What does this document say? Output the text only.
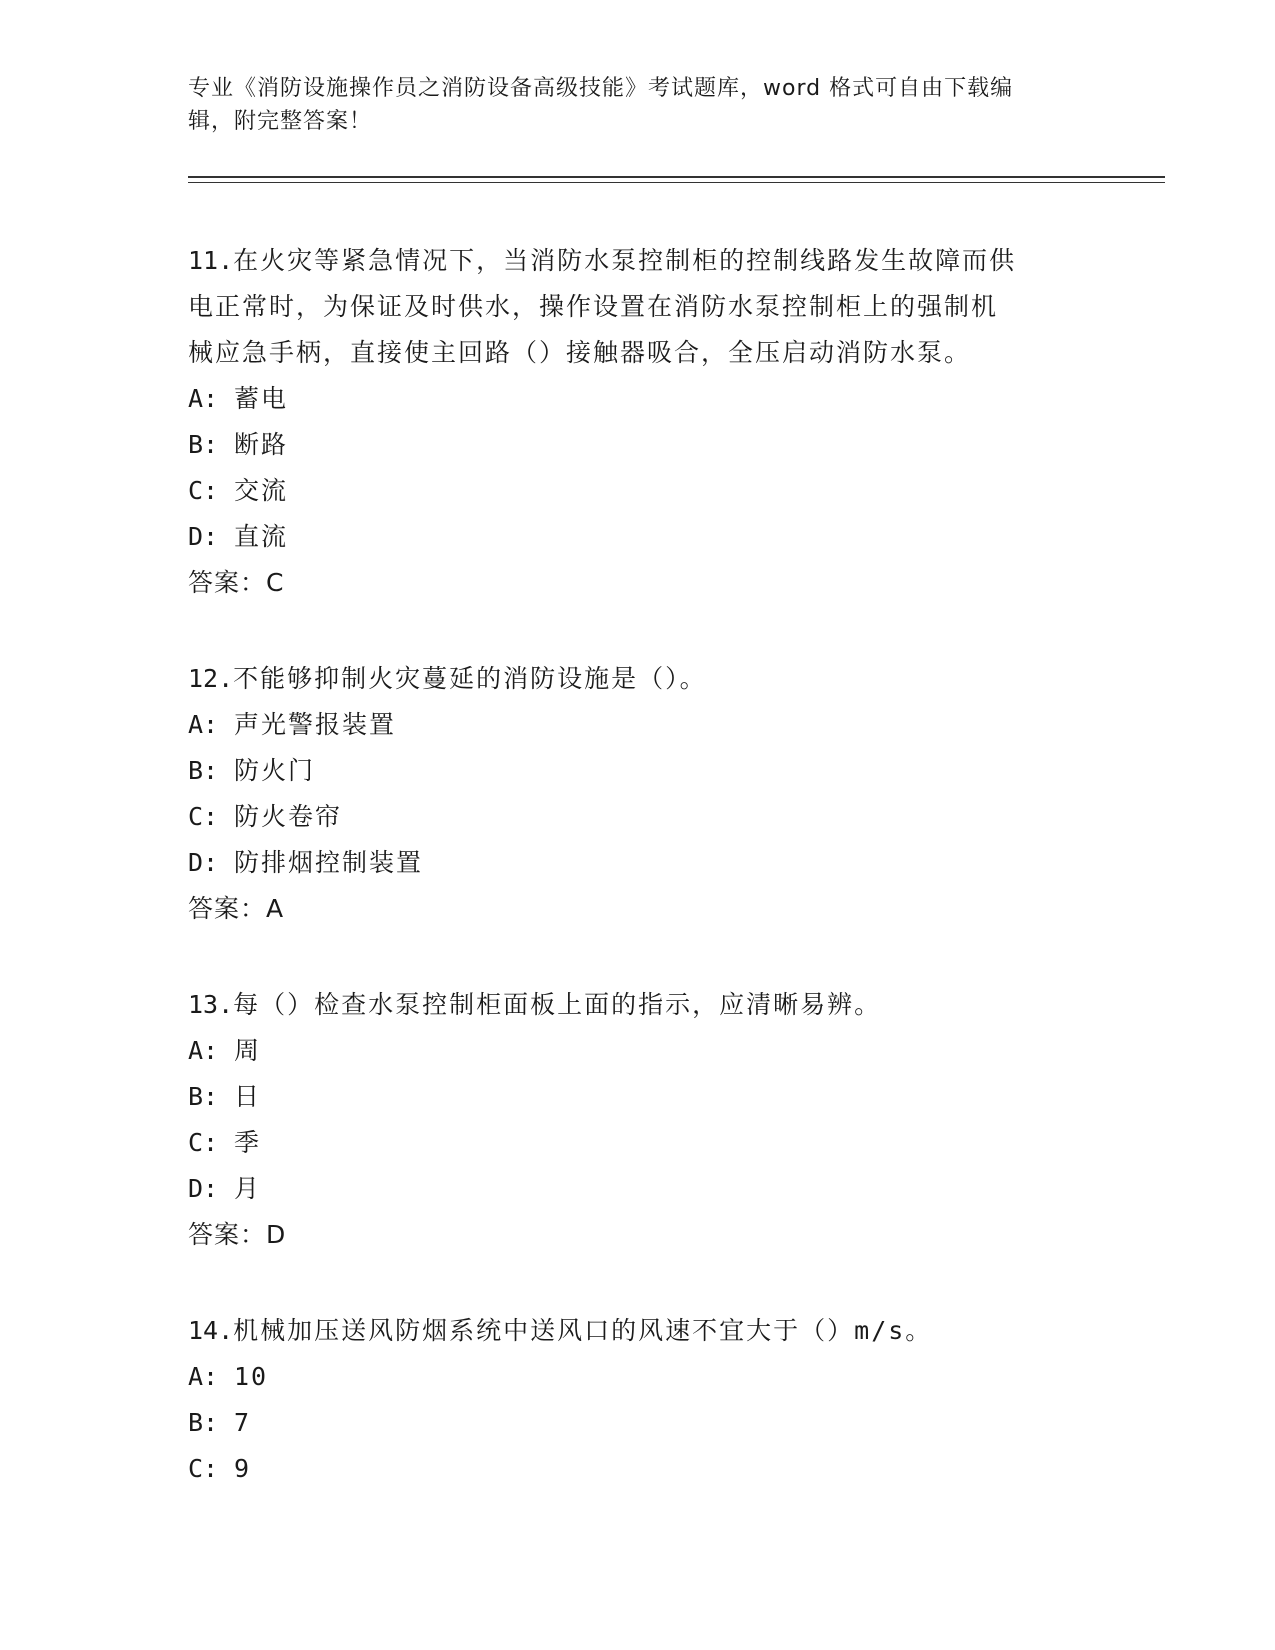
专业《消防设施操作员之消防设备高级技能》考试题库，word 格式可自由下载编
辑，附完整答案！
11.在火灾等紧急情况下，当消防水泵控制柜的控制线路发生故障而供
电正常时，为保证及时供水，操作设置在消防水泵控制柜上的强制机
械应急手柄，直接使主回路（）接触器吸合，全压启动消防水泵。
A: 蓄电
B: 断路
C: 交流
D: 直流
答案：C
12.不能够抑制火灾蔓延的消防设施是（）。
A: 声光警报装置
B: 防火门
C: 防火卷帘
D: 防排烟控制装置
答案：A
13.每（）检查水泵控制柜面板上面的指示，应清晰易辨。
A: 周
B: 日
C: 季
D: 月
答案：D
14.机械加压送风防烟系统中送风口的风速不宜大于（）m/s。
A: 10
B: 7
C: 9
